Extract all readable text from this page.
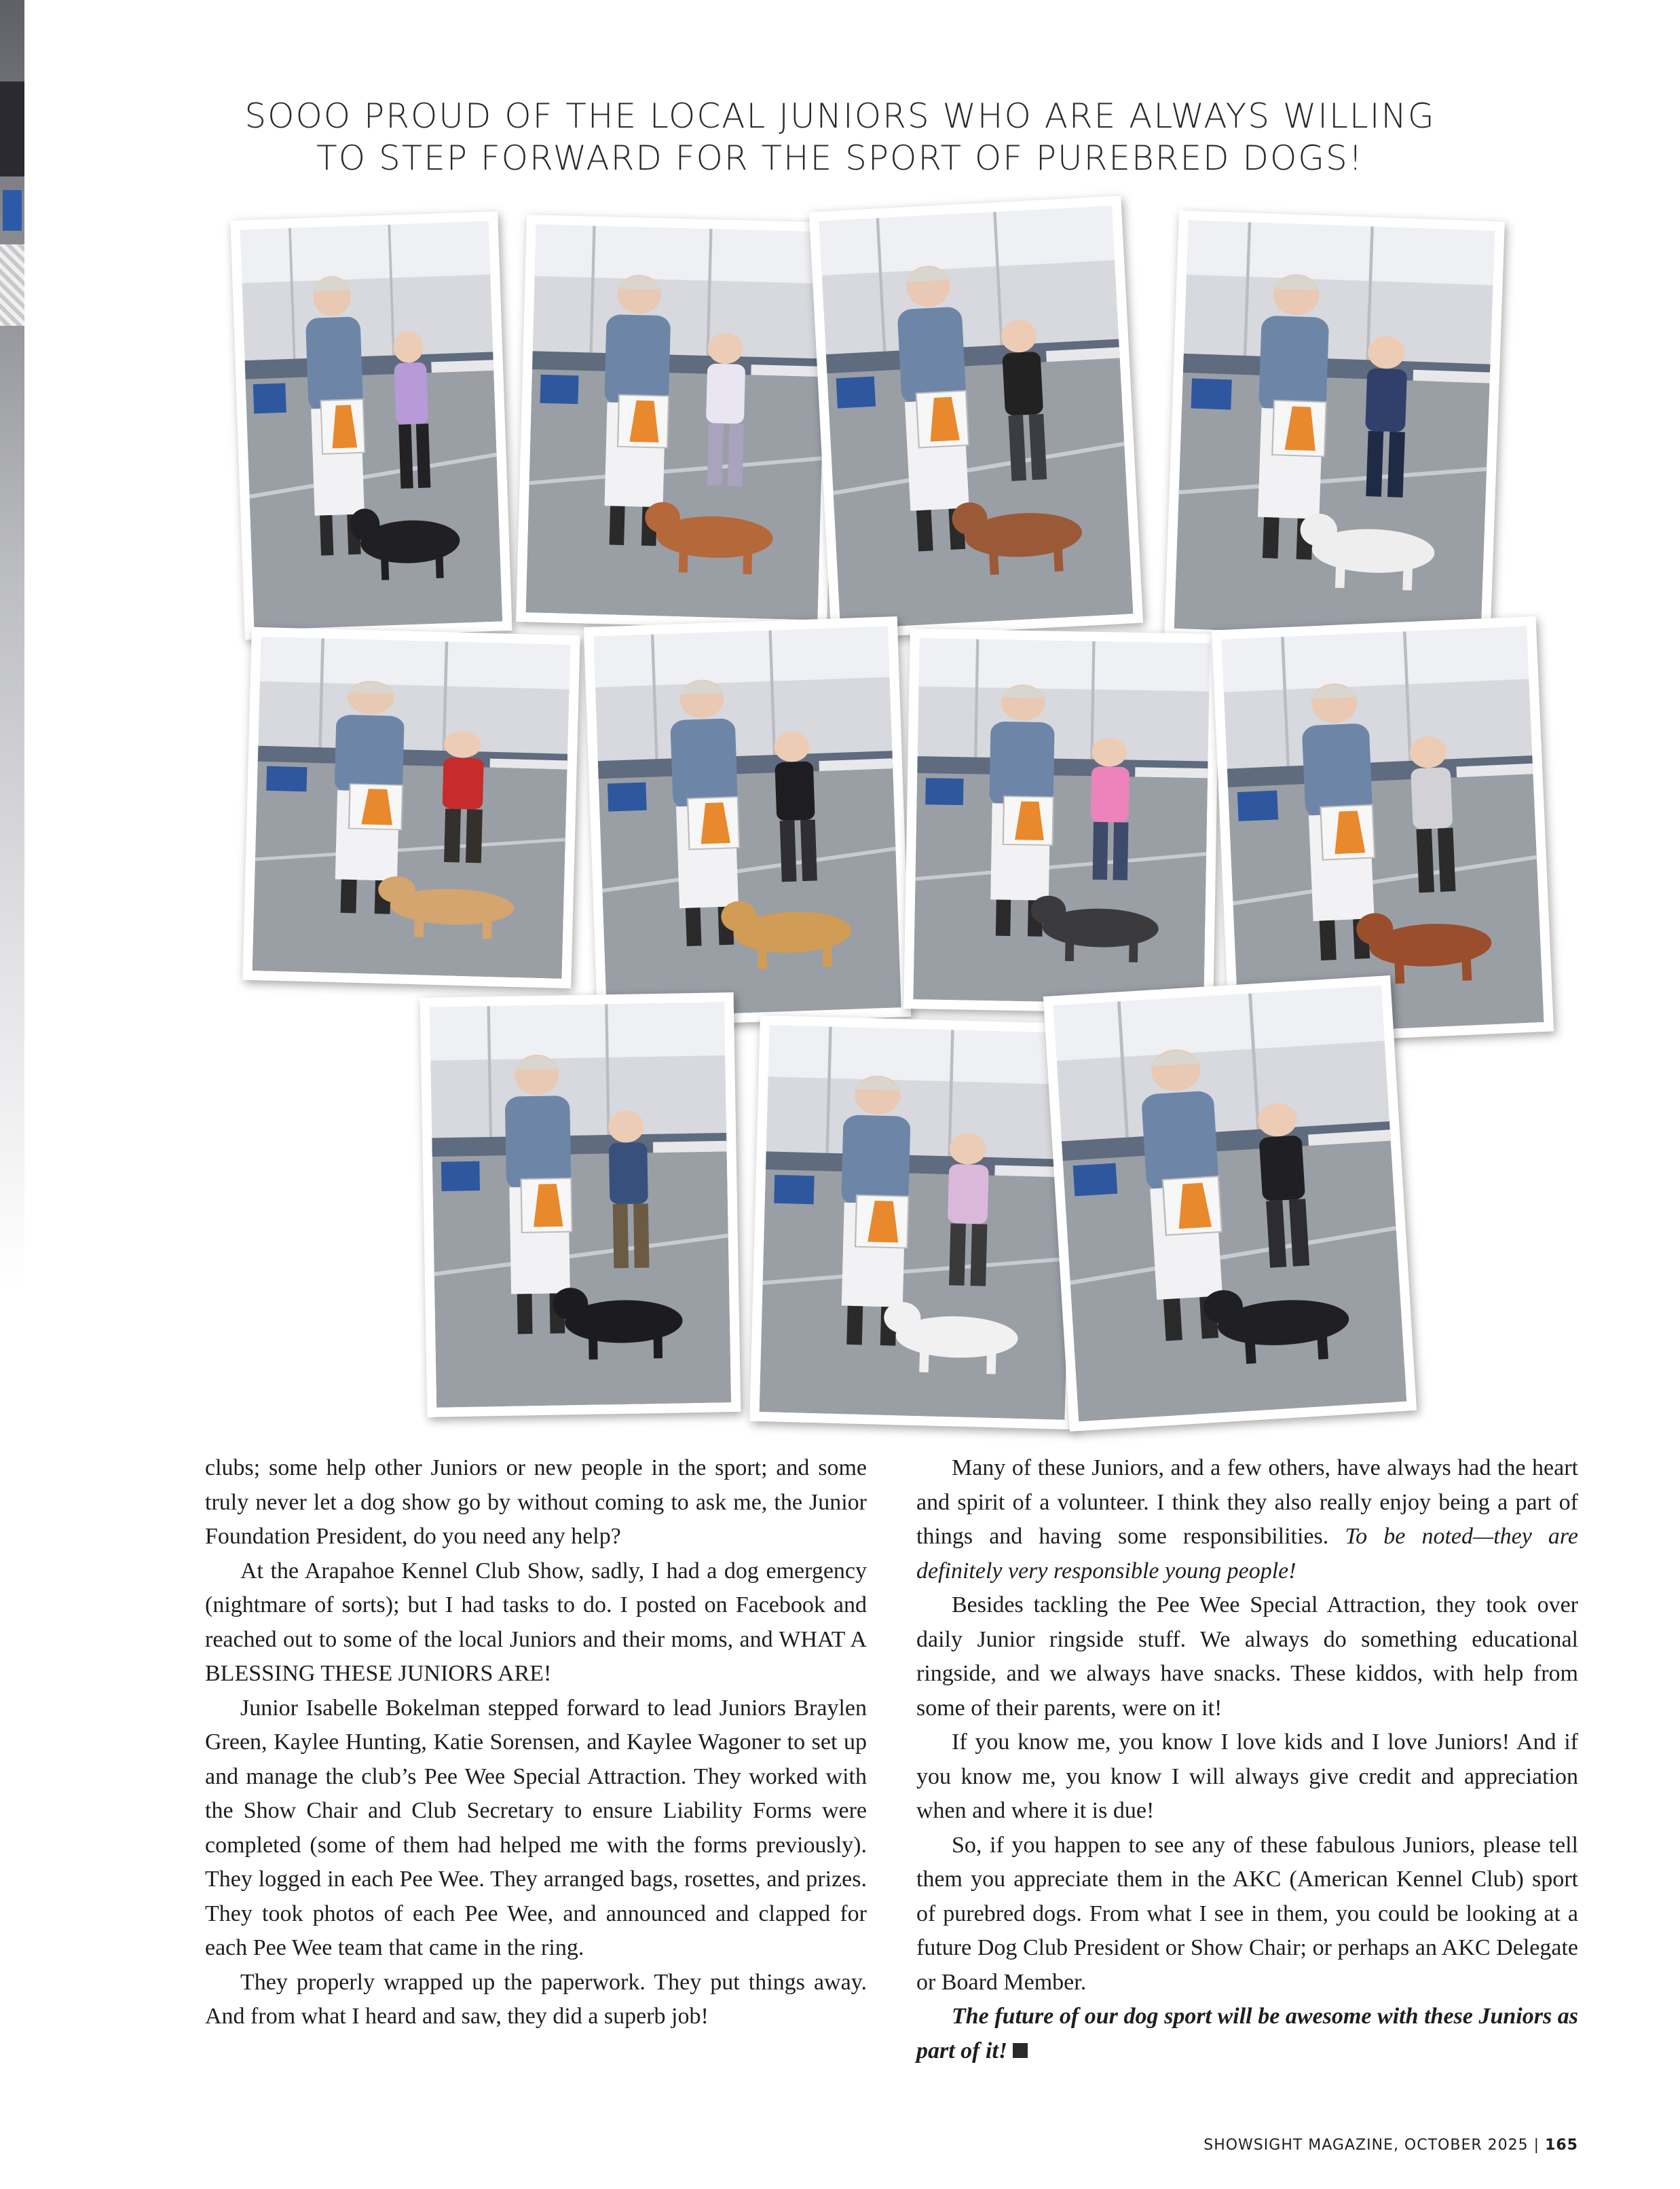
SOOO PROUD OF THE LOCAL JUNIORS WHO ARE ALWAYS WILLING
TO STEP FORWARD FOR THE SPORT OF PUREBRED DOGS!

clubs; some help other Juniors or new people in the sport; and some truly never let a dog show go by without coming to ask me, the Junior Foundation President, do you need any help?

At the Arapahoe Kennel Club Show, sadly, I had a dog emergency (nightmare of sorts); but I had tasks to do. I posted on Facebook and reached out to some of the local Juniors and their moms, and WHAT A BLESSING THESE JUNIORS ARE!

Junior Isabelle Bokelman stepped forward to lead Juniors Braylen Green, Kaylee Hunting, Katie Sorensen, and Kaylee Wagoner to set up and manage the club’s Pee Wee Special Attraction. They worked with the Show Chair and Club Secretary to ensure Liability Forms were completed (some of them had helped me with the forms previously). They logged in each Pee Wee. They arranged bags, rosettes, and prizes. They took photos of each Pee Wee, and announced and clapped for each Pee Wee team that came in the ring.

They properly wrapped up the paperwork. They put things away. And from what I heard and saw, they did a superb job!

Many of these Juniors, and a few others, have always had the heart and spirit of a volunteer. I think they also really enjoy being a part of things and having some responsibilities. To be noted—they are definitely very responsible young people!

Besides tackling the Pee Wee Special Attraction, they took over daily Junior ringside stuff. We always do something educational ringside, and we always have snacks. These kiddos, with help from some of their parents, were on it!

If you know me, you know I love kids and I love Juniors! And if you know me, you know I will always give credit and appreciation when and where it is due!

So, if you happen to see any of these fabulous Juniors, please tell them you appreciate them in the AKC (American Kennel Club) sport of purebred dogs. From what I see in them, you could be looking at a future Dog Club President or Show Chair; or perhaps an AKC Delegate or Board Member.

The future of our dog sport will be awesome with these Juniors as part of it!

SHOWSIGHT MAGAZINE, OCTOBER 2025 | 165
